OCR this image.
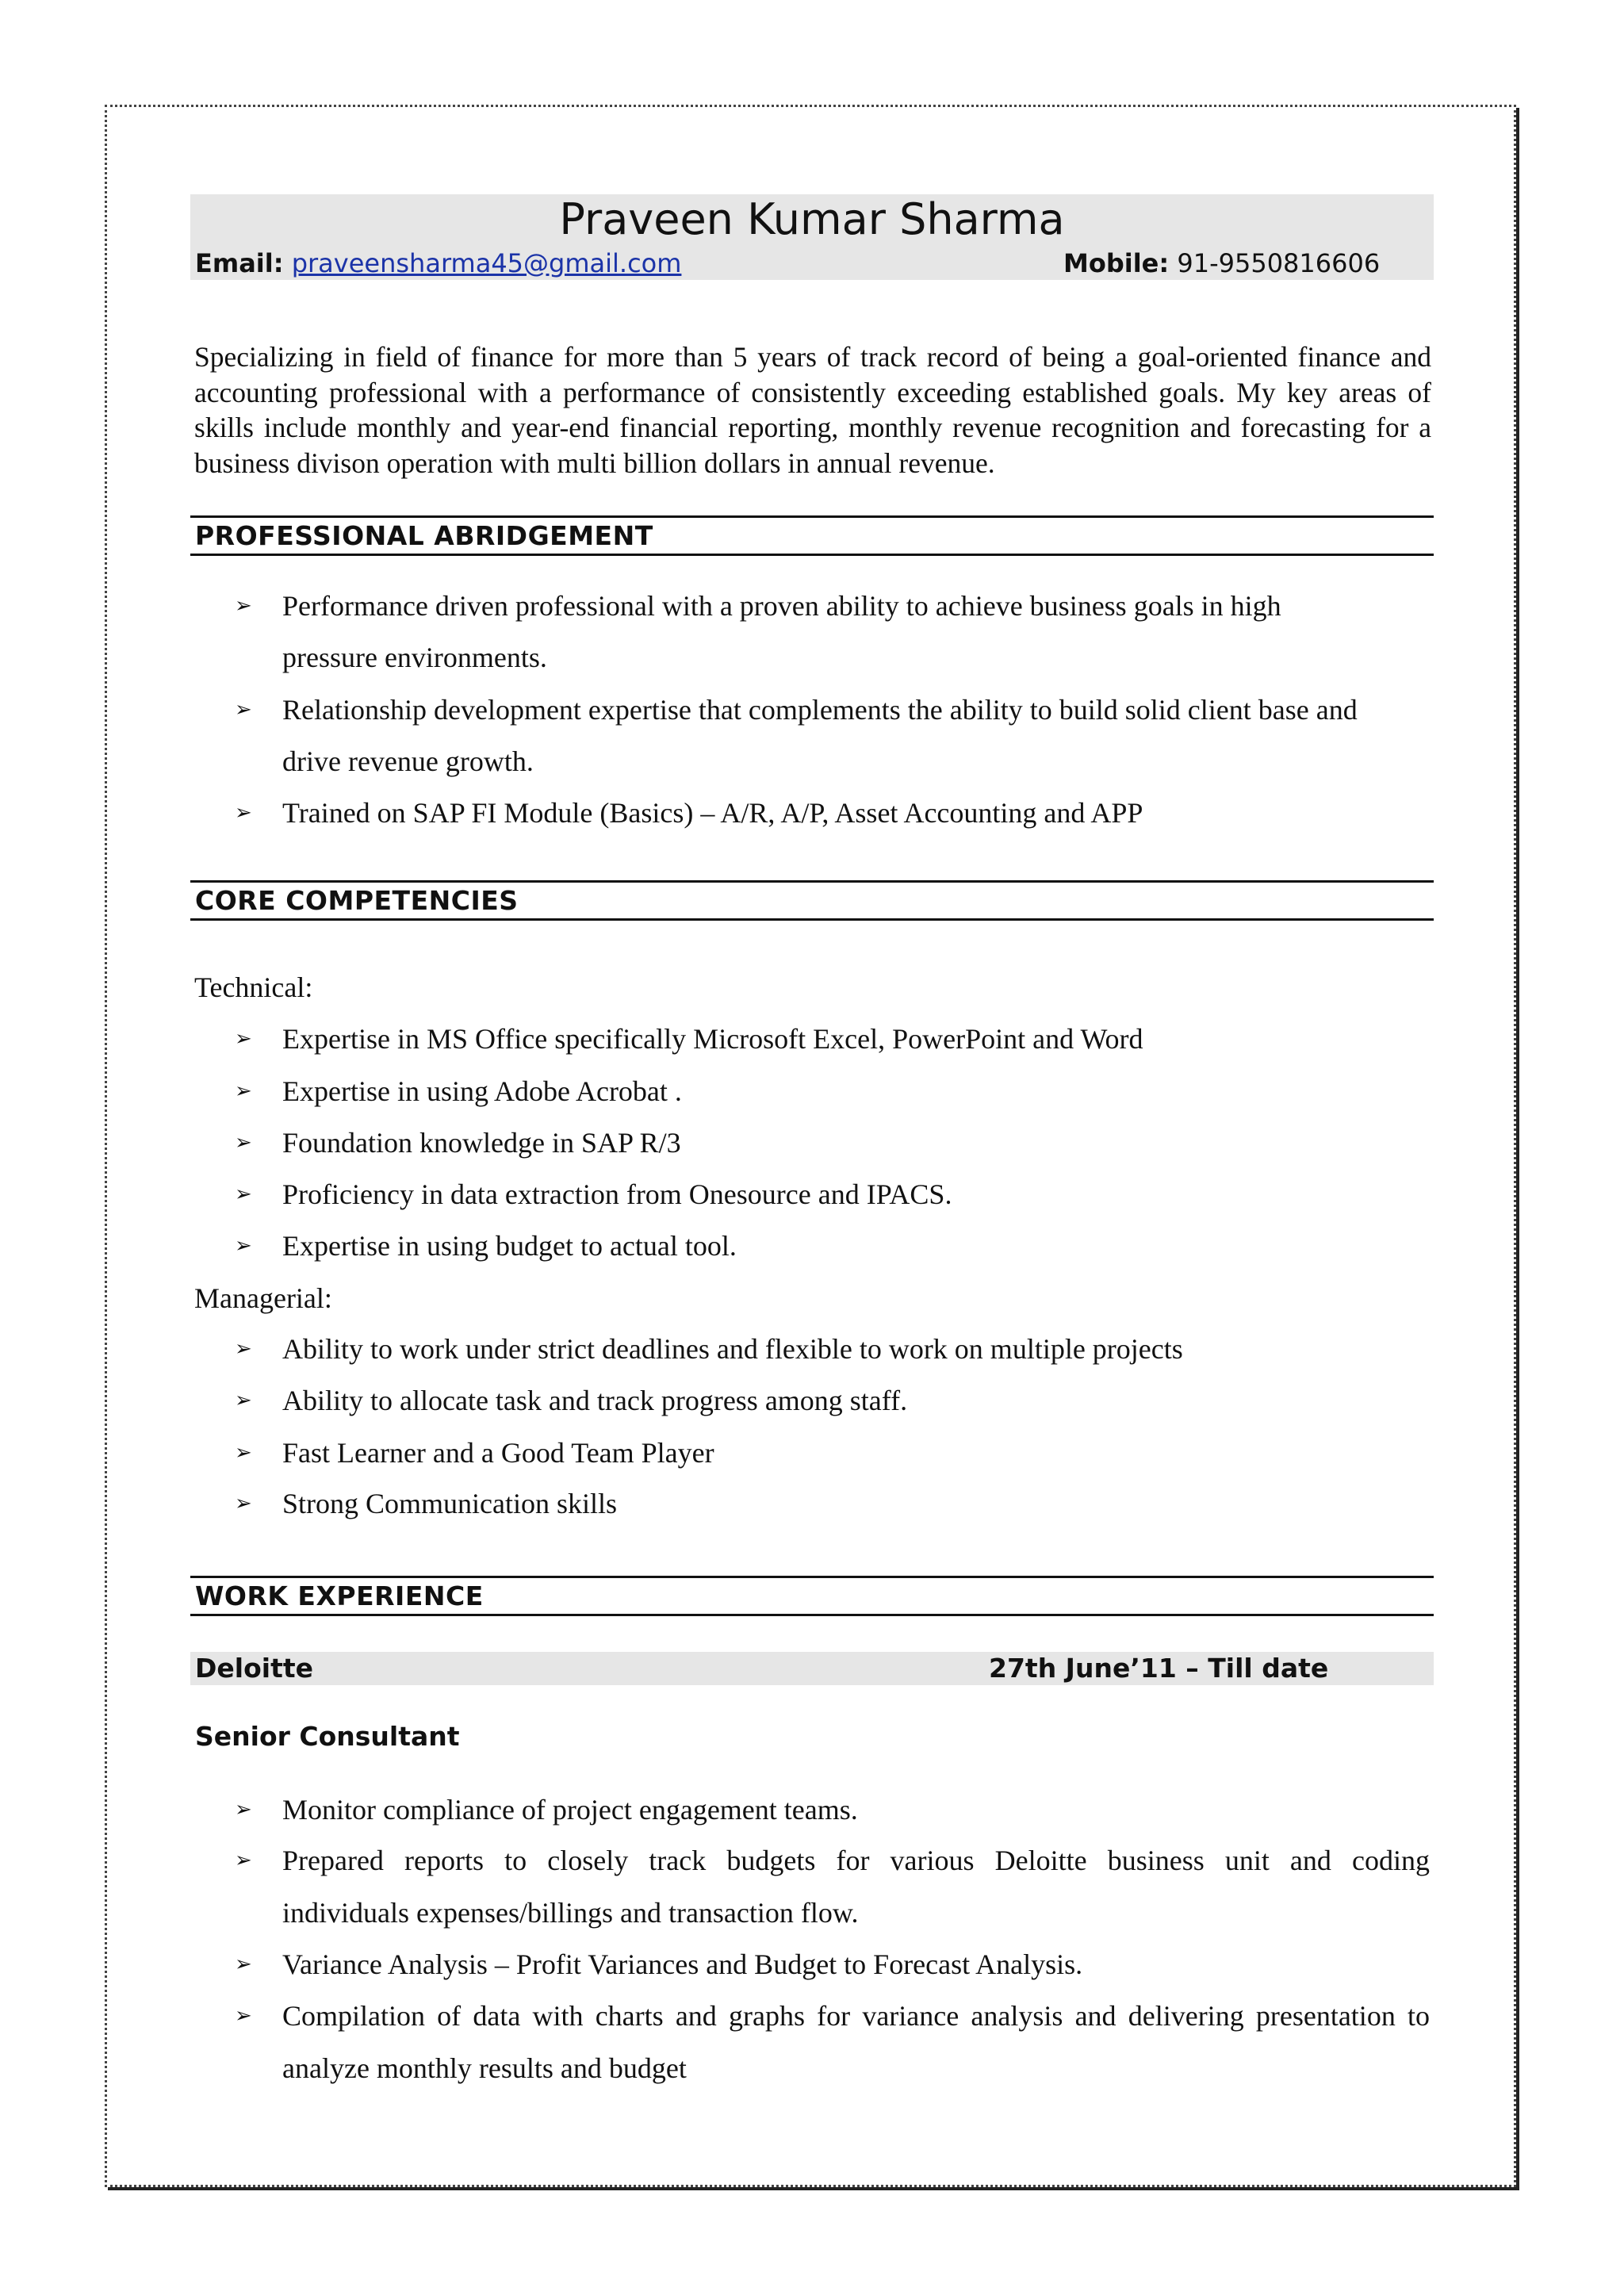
Praveen Kumar Sharma
Email: praveensharma45@gmail.com	Mobile: 91-9550816606
Specializing in field of finance for more than 5 years of track record of being a goal-oriented finance and accounting professional with a performance of consistently exceeding established goals. My key areas of skills include monthly and year-end financial reporting, monthly revenue recognition and forecasting for a business divison operation with multi billion dollars in annual revenue.
PROFESSIONAL ABRIDGEMENT
➢ Performance driven professional with a proven ability to achieve business goals in high
pressure environments.
➢ Relationship development expertise that complements the ability to build solid client base and
drive revenue growth.
➢ Trained on SAP FI Module (Basics) – A/R, A/P, Asset Accounting and APP
CORE COMPETENCIES
Technical:
➢ Expertise in MS Office specifically Microsoft Excel, PowerPoint and Word
➢ Expertise in using Adobe Acrobat .
➢ Foundation knowledge in SAP R/3
➢ Proficiency in data extraction from Onesource and IPACS.
➢ Expertise in using budget to actual tool.
Managerial:
➢ Ability to work under strict deadlines and flexible to work on multiple projects
➢ Ability to allocate task and track progress among staff.
➢ Fast Learner and a Good Team Player
➢ Strong Communication skills
WORK EXPERIENCE
Deloitte	27th June’11 – Till date
Senior Consultant
➢ Monitor compliance of project engagement teams.
➢ Prepared reports to closely track budgets for various Deloitte business unit and coding
individuals expenses/billings and transaction flow.
➢ Variance Analysis – Profit Variances and Budget to Forecast Analysis.
➢ Compilation of data with charts and graphs for variance analysis and delivering presentation to
analyze monthly results and budget
